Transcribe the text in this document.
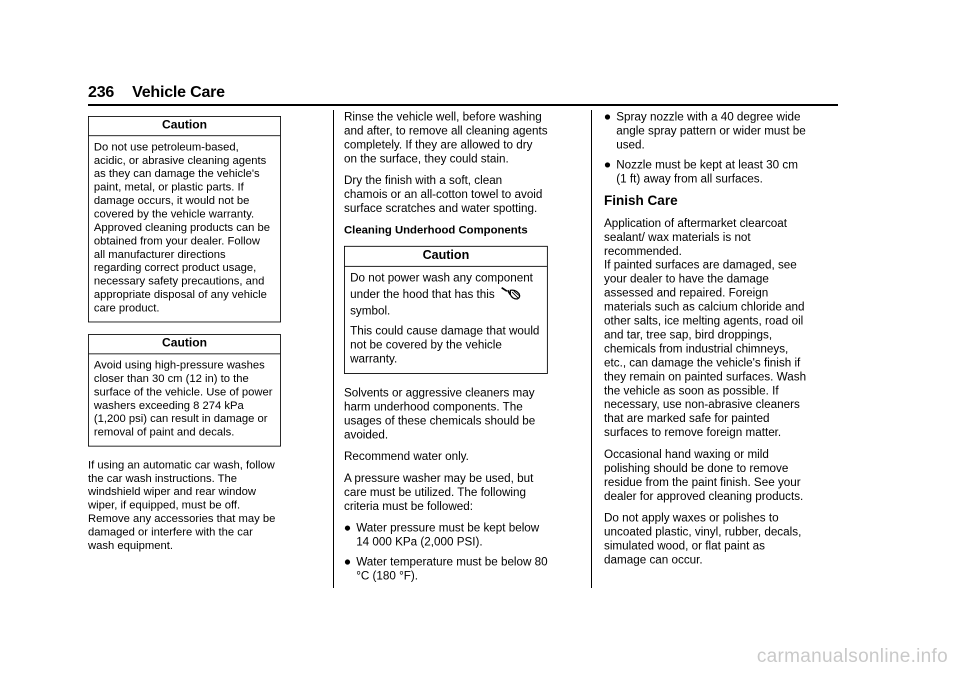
236 Vehicle Care
Caution

Do not use petroleum-based, acidic, or abrasive cleaning agents as they can damage the vehicle's paint, metal, or plastic parts. If damage occurs, it would not be covered by the vehicle warranty. Approved cleaning products can be obtained from your dealer. Follow all manufacturer directions regarding correct product usage, necessary safety precautions, and appropriate disposal of any vehicle care product.

Caution

Avoid using high-pressure washes closer than 30 cm (12 in) to the surface of the vehicle. Use of power washers exceeding 8 274 kPa (1,200 psi) can result in damage or removal of paint and decals.

If using an automatic car wash, follow the car wash instructions. The windshield wiper and rear window wiper, if equipped, must be off. Remove any accessories that may be damaged or interfere with the car wash equipment.

Rinse the vehicle well, before washing and after, to remove all cleaning agents completely. If they are allowed to dry on the surface, they could stain.

Dry the finish with a soft, clean chamois or an all-cotton towel to avoid surface scratches and water spotting.

Cleaning Underhood Components
Caution

Do not power wash any component under the hood that has this
symbol.

This could cause damage that would not be covered by the vehicle warranty.

Solvents or aggressive cleaners may harm underhood components. The usages of these chemicals should be avoided.

Recommend water only.

A pressure washer may be used, but care must be utilized. The following criteria must be followed:

Water pressure must be kept below 14 000 KPa (2,000 PSI).
Water temperature must be below 80 °C (180 °F).
Spray nozzle with a 40 degree wide angle spray pattern or wider must be used.
Nozzle must be kept at least 30 cm (1 ft) away from all surfaces.
Finish Care

Application of aftermarket clearcoat sealant/ wax materials is not recommended.

If painted surfaces are damaged, see your dealer to have the damage assessed and repaired. Foreign materials such as calcium chloride and other salts, ice melting agents, road oil and tar, tree sap, bird droppings, chemicals from industrial chimneys, etc., can damage the vehicle's finish if they remain on painted surfaces. Wash the vehicle as soon as possible. If necessary, use non-abrasive cleaners that are marked safe for painted surfaces to remove foreign matter.

Occasional hand waxing or mild polishing should be done to remove residue from the paint finish. See your dealer for approved cleaning products.

Do not apply waxes or polishes to uncoated plastic, vinyl, rubber, decals, simulated wood, or flat paint as damage can occur.

carmanualsonline.info
